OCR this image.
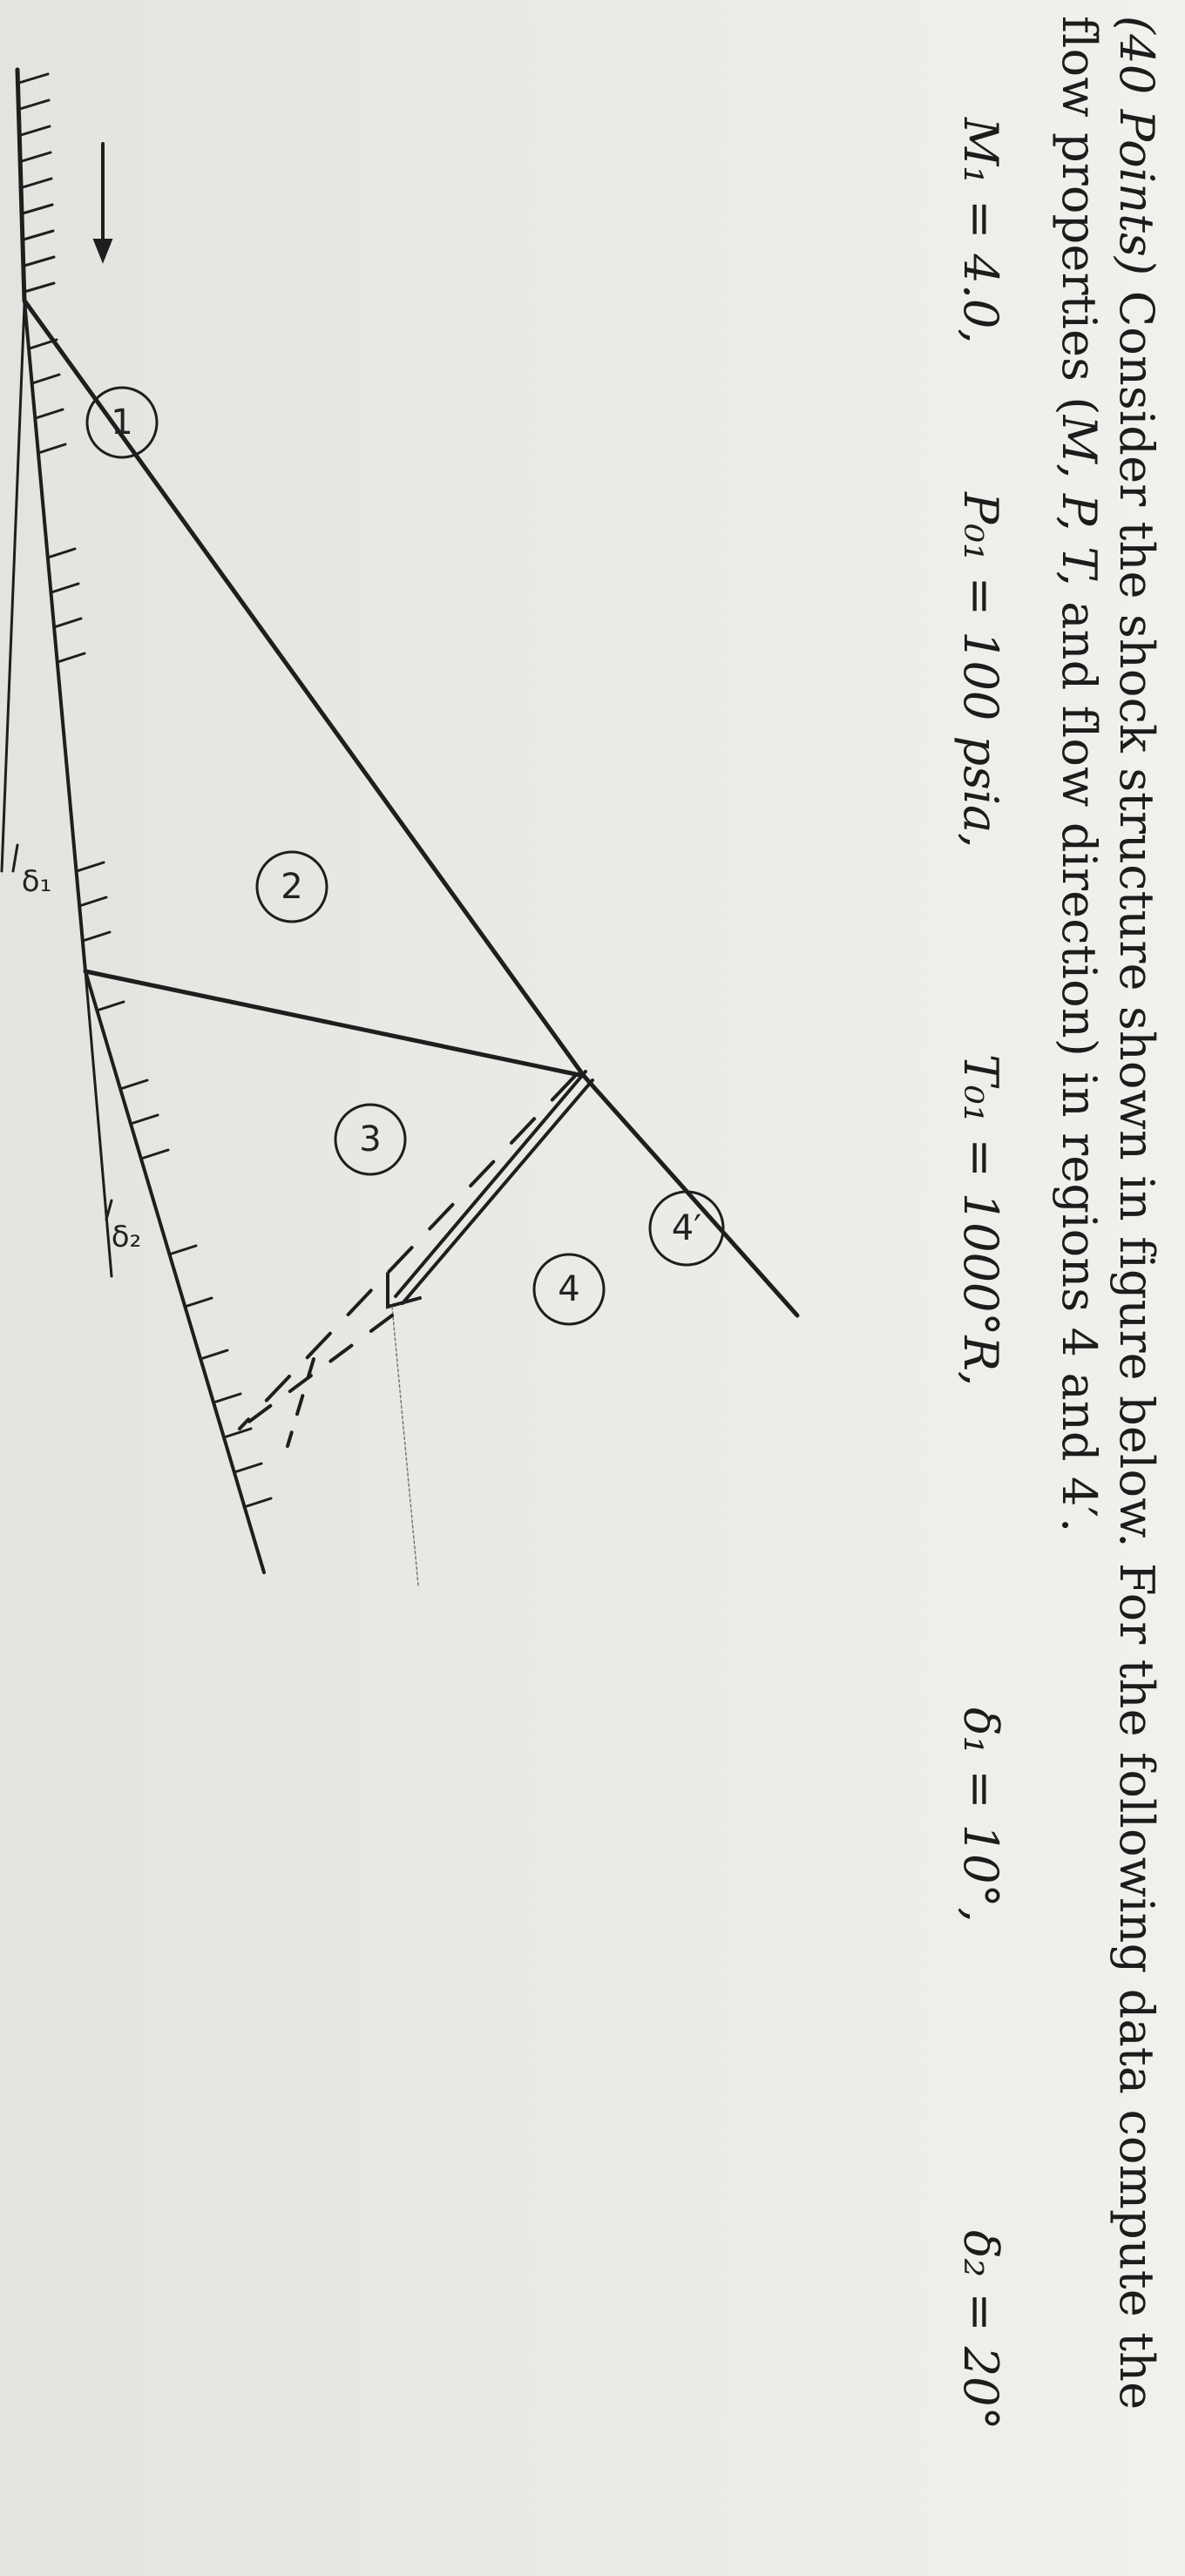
(40 Points) Consider the shock structure shown in figure below. For the following data compute the
flow properties (M, P, T, and flow direction) in regions 4 and 4′.
M₁ = 4.0,
P₀₁ = 100 psia,
T₀₁ = 1000°R,
δ₁ = 10°,
δ₂ = 20°
1
2
3
4
4′
δ₁
δ₂
